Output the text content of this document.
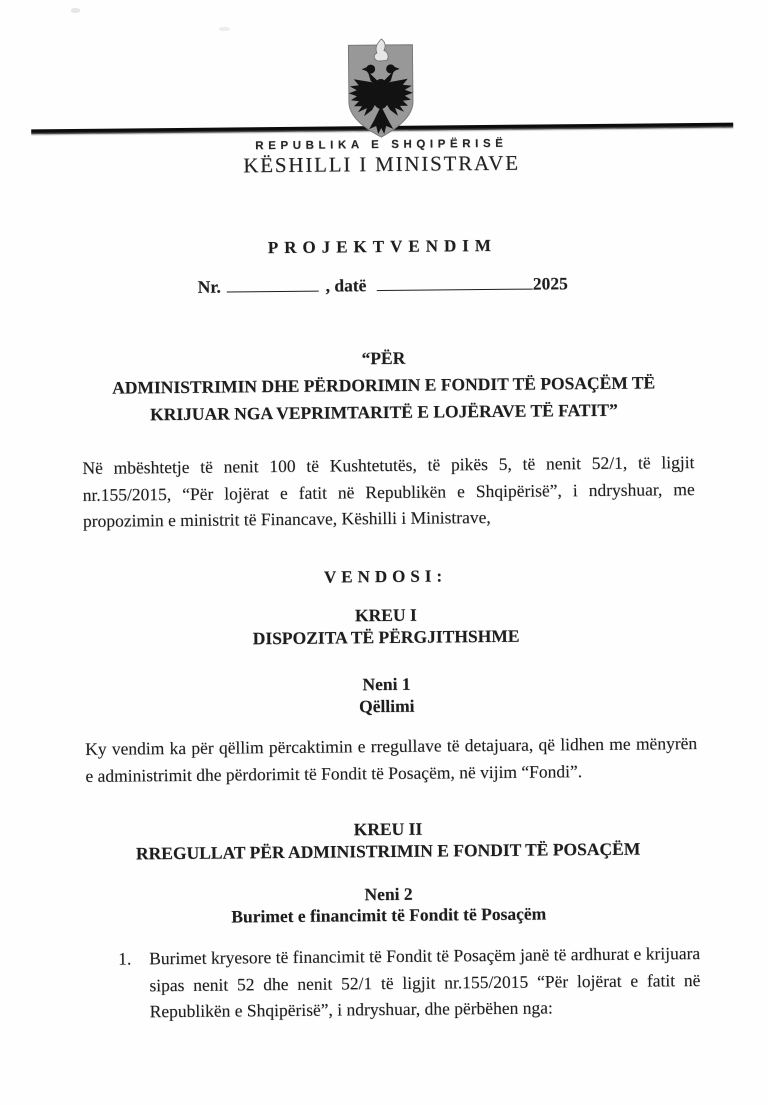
REPUBLIKA E SHQIPËRISË
KËSHILLI I MINISTRAVE
PROJEKTVENDIM
Nr.	, datë	2025
“PËR
ADMINISTRIMIN DHE PËRDORIMIN E FONDIT TË POSAÇËM TË
KRIJUAR NGA VEPRIMTARITË E LOJËRAVE TË FATIT”
Në mbështetje të nenit 100 të Kushtetutës, të pikës 5, të nenit 52/1, të ligjit nr.155/2015, “Për lojërat e fatit në Republikën e Shqipërisë”, i ndryshuar, me propozimin e ministrit të Financave, Këshilli i Ministrave,
VENDOSI:
KREU I
DISPOZITA TË PËRGJITHSHME
Neni 1
Qëllimi
Ky vendim ka për qëllim përcaktimin e rregullave të detajuara, që lidhen me mënyrën e administrimit dhe përdorimit të Fondit të Posaçëm, në vijim “Fondi”.
KREU II
RREGULLAT PËR ADMINISTRIMIN E FONDIT TË POSAÇËM
Neni 2
Burimet e financimit të Fondit të Posaçëm
1. Burimet kryesore të financimit të Fondit të Posaçëm janë të ardhurat e krijuara sipas nenit 52 dhe nenit 52/1 të ligjit nr.155/2015 “Për lojërat e fatit në Republikën e Shqipërisë”, i ndryshuar, dhe përbëhen nga:
